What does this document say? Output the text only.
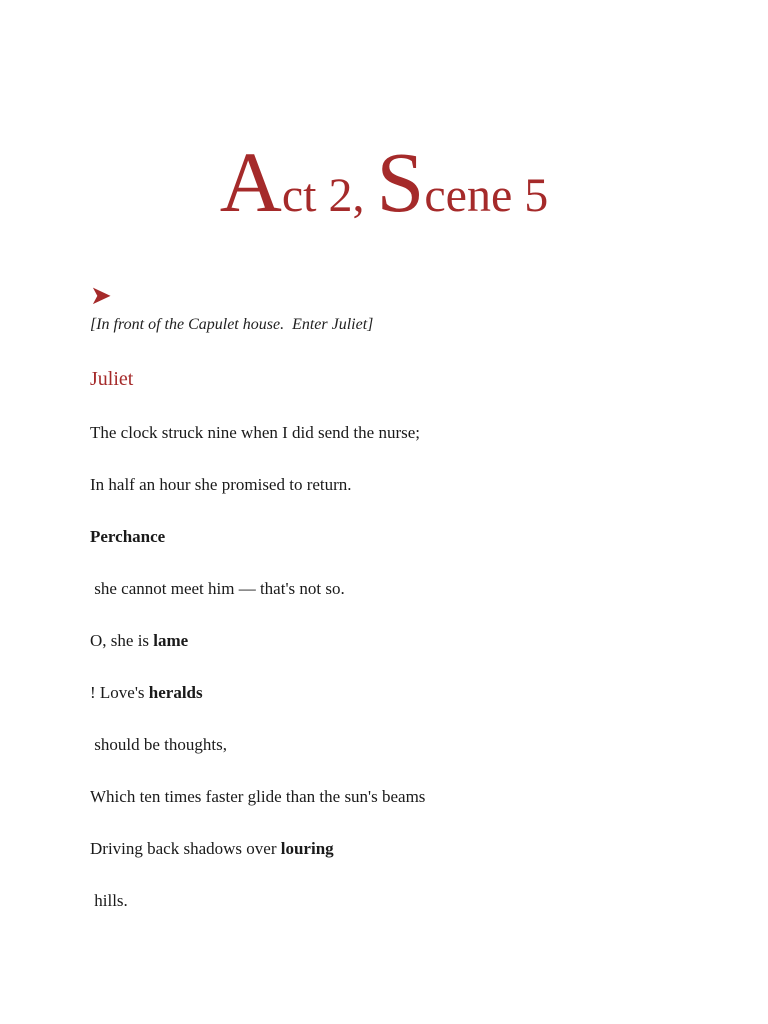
Act 2, Scene 5
➤
[In front of the Capulet house.  Enter Juliet]
Juliet
The clock struck nine when I did send the nurse;
In half an hour she promised to return.
Perchance
she cannot meet him — that's not so.
O, she is lame
! Love's heralds
should be thoughts,
Which ten times faster glide than the sun's beams
Driving back shadows over louring
hills.
